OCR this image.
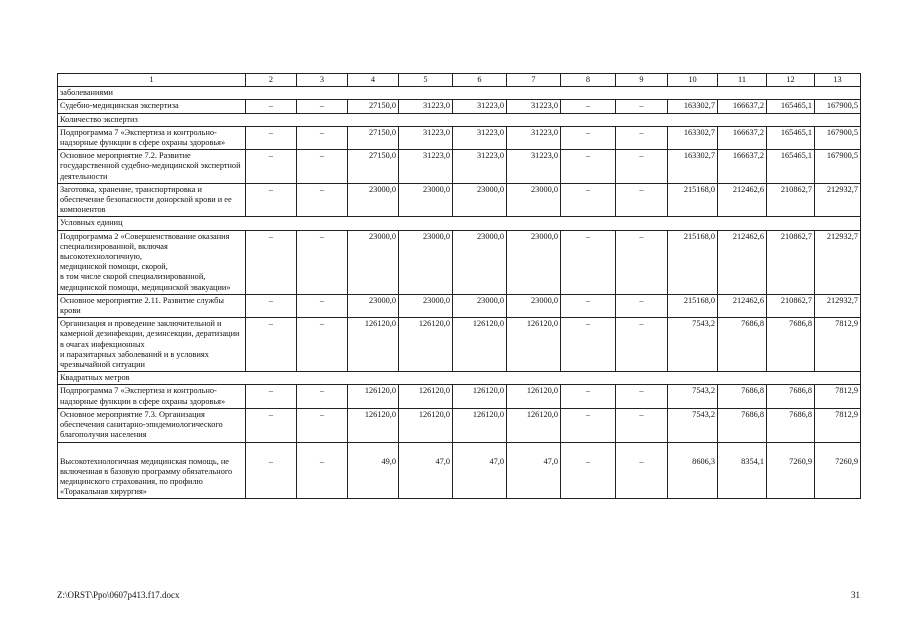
1	2	3	4	5	6	7	8	9	10	11	12	13
заболеваниями												
Судебно-медицинская экспертиза	–	–	27150,0	31223,0	31223,0	31223,0	–	–	163302,7	166637,2	165465,1	167900,5
Количество экспертиз												
Подпрограмма 7 «Экспертиза и контрольно-надзорные функции в сфере охраны здоровья»	–	–	27150,0	31223,0	31223,0	31223,0	–	–	163302,7	166637,2	165465,1	167900,5
Основное мероприятие 7.2. Развитие государственной судебно-медицинской экспертной деятельности	–	–	27150,0	31223,0	31223,0	31223,0	–	–	163302,7	166637,2	165465,1	167900,5
Заготовка, хранение, транспортировка и обеспечение безопасности донорской крови и ее компонентов	–	–	23000,0	23000,0	23000,0	23000,0	–	–	215168,0	212462,6	210862,7	212932,7
Условных единиц												
Подпрограмма 2 «Совершенствование оказания специализированной, включая высокотехнологичную,
медицинской помощи, скорой,
в том числе скорой специализированной, медицинской помощи, медицинской эвакуации»	–	–	23000,0	23000,0	23000,0	23000,0	–	–	215168,0	212462,6	210862,7	212932,7
Основное мероприятие 2.11. Развитие службы крови	–	–	23000,0	23000,0	23000,0	23000,0	–	–	215168,0	212462,6	210862,7	212932,7
Организация и проведение заключительной и камерной дезинфекции, дезинсекции, дератизации в очагах инфекционных
и паразитарных заболеваний и в условиях чрезвычайной ситуации	–	–	126120,0	126120,0	126120,0	126120,0	–	–	7543,2	7686,8	7686,8	7812,9
Квадратных метров												
Подпрограмма 7 «Экспертиза и контрольно-надзорные функции в сфере охраны здоровья»	–	–	126120,0	126120,0	126120,0	126120,0	–	–	7543,2	7686,8	7686,8	7812,9
Основное мероприятие 7.3. Организация обеспечения санитарно-эпидемиологического благополучия населения	–	–	126120,0	126120,0	126120,0	126120,0	–	–	7543,2	7686,8	7686,8	7812,9
Высокотехнологичная медицинская помощь, не включенная в базовую программу обязательного медицинского страхования, по профилю «Торакальная хирургия»	–	–	49,0	47,0	47,0	47,0	–	–	8606,3	8354,1	7260,9	7260,9
Z:\ORST\Ppo\0607p413.f17.docx	31
